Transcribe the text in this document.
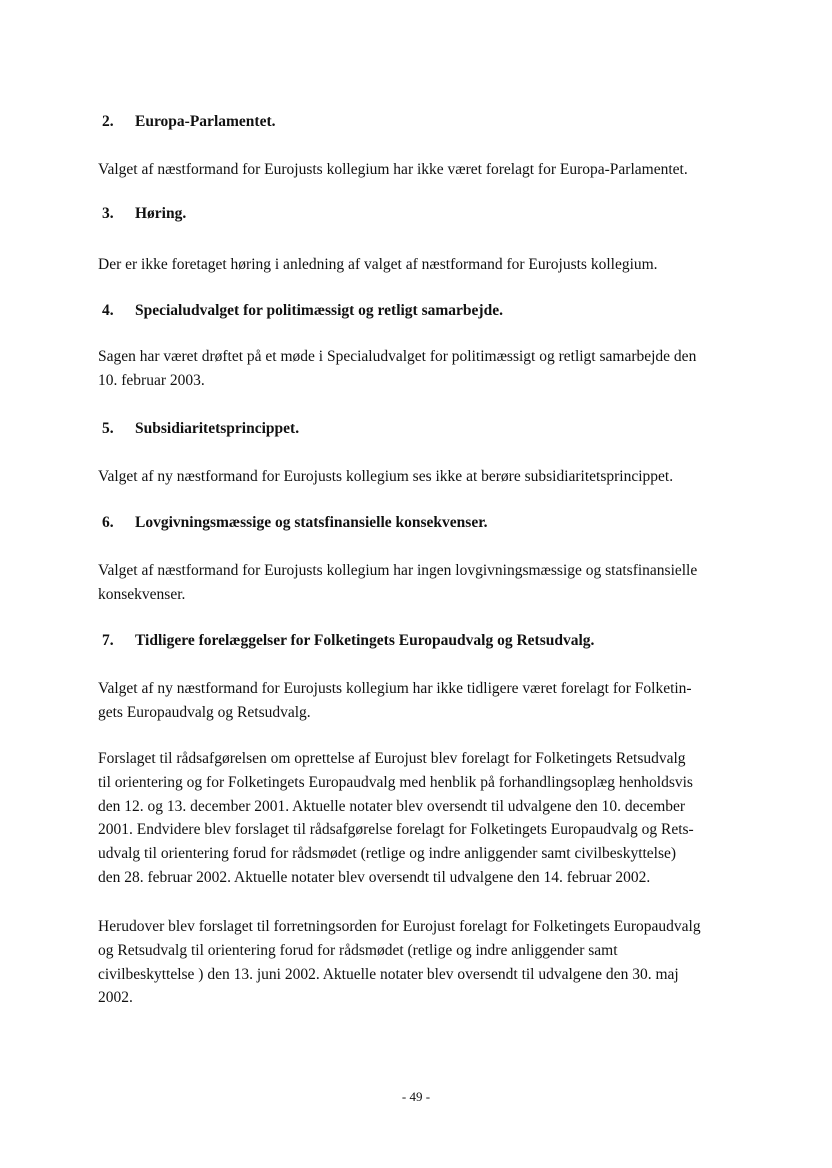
2. Europa-Parlamentet.
Valget af næstformand for Eurojusts kollegium har ikke været forelagt for Europa-Parlamentet.
3. Høring.
Der er ikke foretaget høring i anledning af valget af næstformand for Eurojusts kollegium.
4. Specialudvalget for politimæssigt og retligt samarbejde.
Sagen har været drøftet på et møde i Specialudvalget for politimæssigt og retligt samarbejde den
10. februar 2003.
5. Subsidiaritetsprincippet.
Valget af ny næstformand for Eurojusts kollegium ses ikke at berøre subsidiaritetsprincippet.
6. Lovgivningsmæssige og statsfinansielle konsekvenser.
Valget af næstformand for Eurojusts kollegium har ingen lovgivningsmæssige og statsfinansielle
konsekvenser.
7. Tidligere forelæggelser for Folketingets Europaudvalg og Retsudvalg.
Valget af ny næstformand for Eurojusts kollegium har ikke tidligere været forelagt for Folketin-
gets Europaudvalg og Retsudvalg.
Forslaget til rådsafgørelsen om oprettelse af Eurojust blev forelagt for Folketingets Retsudvalg
til orientering og for Folketingets Europaudvalg med henblik på forhandlingsoplæg henholdsvis
den 12. og 13. december 2001. Aktuelle notater blev oversendt til udvalgene den 10. december
2001. Endvidere blev forslaget til rådsafgørelse forelagt for Folketingets Europaudvalg og Rets-
udvalg til orientering forud for rådsmødet (retlige og indre anliggender samt civilbeskyttelse)
den 28. februar 2002. Aktuelle notater blev oversendt til udvalgene den 14. februar 2002.
Herudover blev forslaget til forretningsorden for Eurojust forelagt for Folketingets Europaudvalg
og Retsudvalg til orientering forud for rådsmødet (retlige og indre anliggender samt
civilbeskyttelse ) den 13. juni 2002. Aktuelle notater blev oversendt til udvalgene den 30. maj
2002.
- 49 -
